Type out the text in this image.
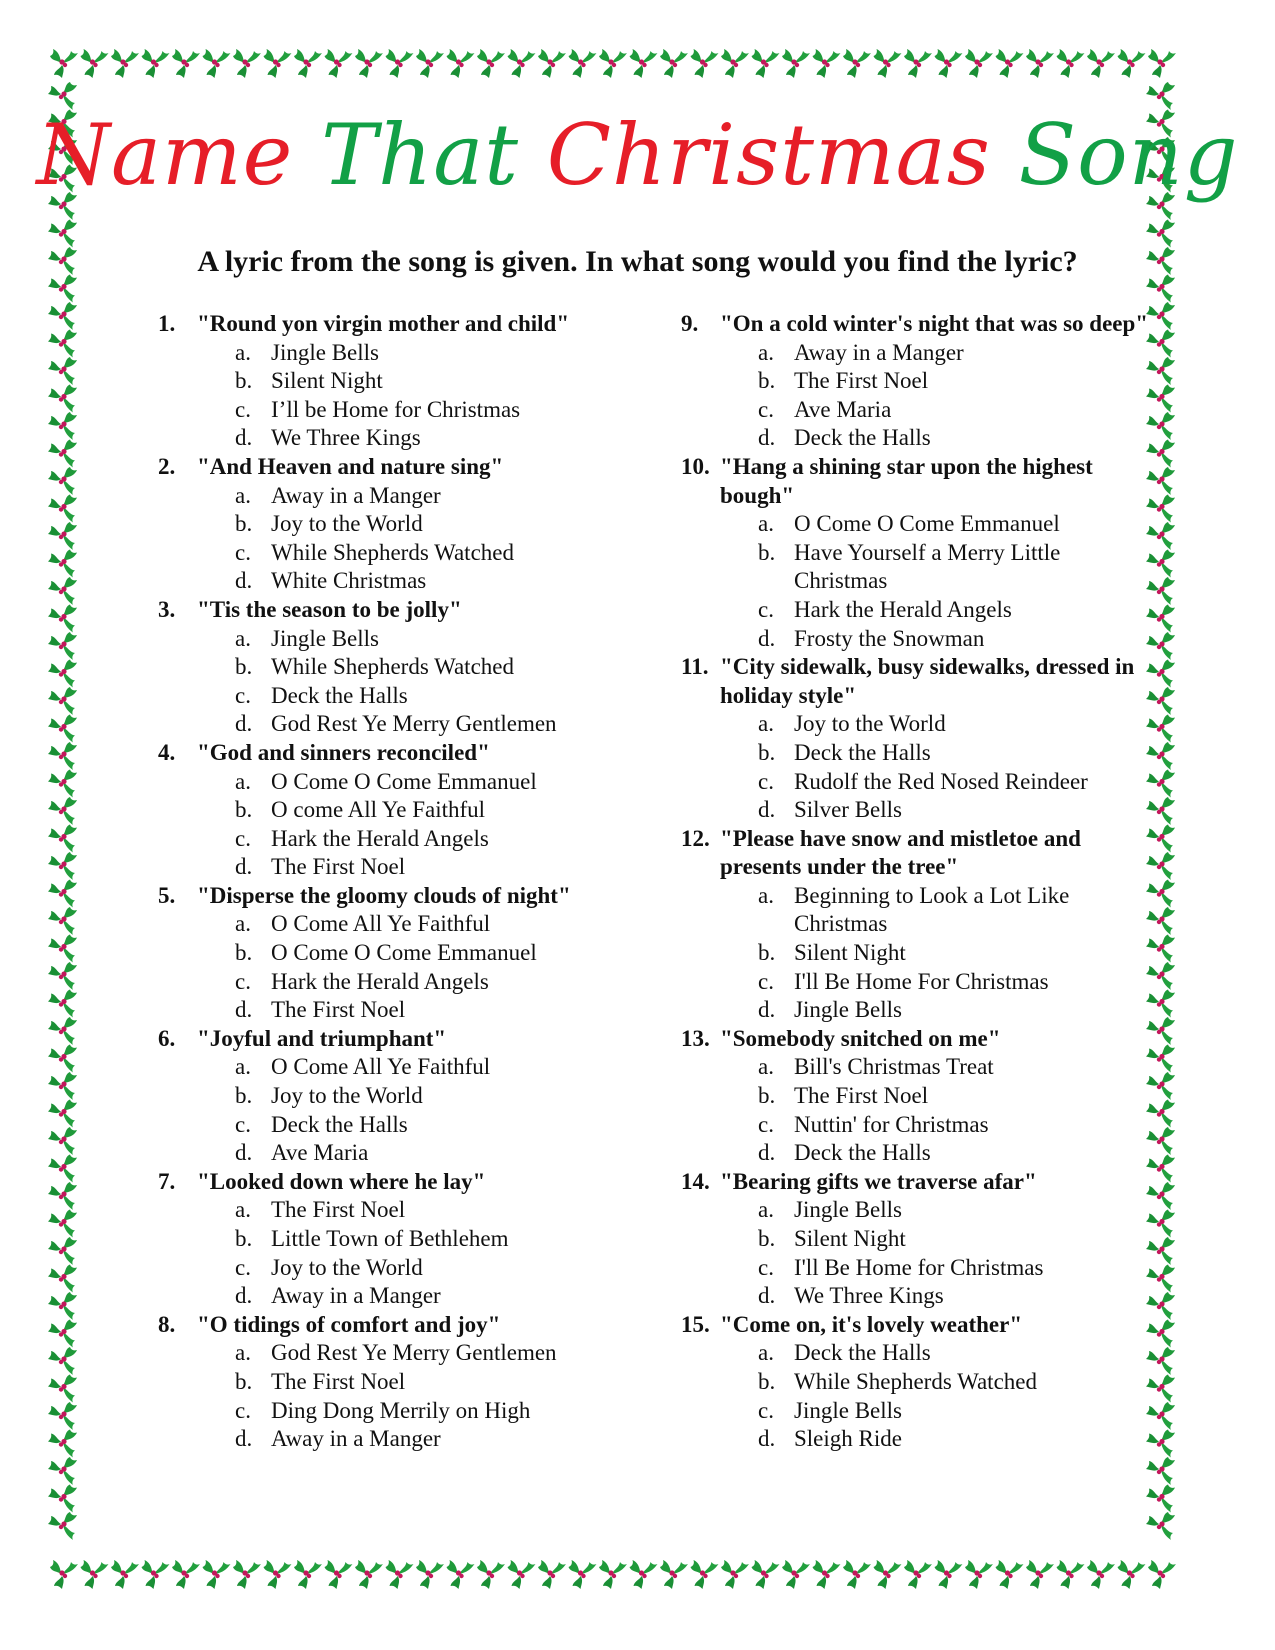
Name That Christmas Song
A lyric from the song is given. In what song would you find the lyric?
1. "Round yon virgin mother and child"
a. Jingle Bells
b. Silent Night
c. I’ll be Home for Christmas
d. We Three Kings
2. "And Heaven and nature sing"
a. Away in a Manger
b. Joy to the World
c. While Shepherds Watched
d. White Christmas
3. "Tis the season to be jolly"
a. Jingle Bells
b. While Shepherds Watched
c. Deck the Halls
d. God Rest Ye Merry Gentlemen
4. "God and sinners reconciled"
a. O Come O Come Emmanuel
b. O come All Ye Faithful
c. Hark the Herald Angels
d. The First Noel
5. "Disperse the gloomy clouds of night"
a. O Come All Ye Faithful
b. O Come O Come Emmanuel
c. Hark the Herald Angels
d. The First Noel
6. "Joyful and triumphant"
a. O Come All Ye Faithful
b. Joy to the World
c. Deck the Halls
d. Ave Maria
7. "Looked down where he lay"
a. The First Noel
b. Little Town of Bethlehem
c. Joy to the World
d. Away in a Manger
8. "O tidings of comfort and joy"
a. God Rest Ye Merry Gentlemen
b. The First Noel
c. Ding Dong Merrily on High
d. Away in a Manger
9. "On a cold winter's night that was so deep"
a. Away in a Manger
b. The First Noel
c. Ave Maria
d. Deck the Halls
10. "Hang a shining star upon the highest bough"
a. O Come O Come Emmanuel
b. Have Yourself a Merry Little Christmas
c. Hark the Herald Angels
d. Frosty the Snowman
11. "City sidewalk, busy sidewalks, dressed in holiday style"
a. Joy to the World
b. Deck the Halls
c. Rudolf the Red Nosed Reindeer
d. Silver Bells
12. "Please have snow and mistletoe and presents under the tree"
a. Beginning to Look a Lot Like Christmas
b. Silent Night
c. I'll Be Home For Christmas
d. Jingle Bells
13. "Somebody snitched on me"
a. Bill's Christmas Treat
b. The First Noel
c. Nuttin' for Christmas
d. Deck the Halls
14. "Bearing gifts we traverse afar"
a. Jingle Bells
b. Silent Night
c. I'll Be Home for Christmas
d. We Three Kings
15. "Come on, it's lovely weather"
a. Deck the Halls
b. While Shepherds Watched
c. Jingle Bells
d. Sleigh Ride
